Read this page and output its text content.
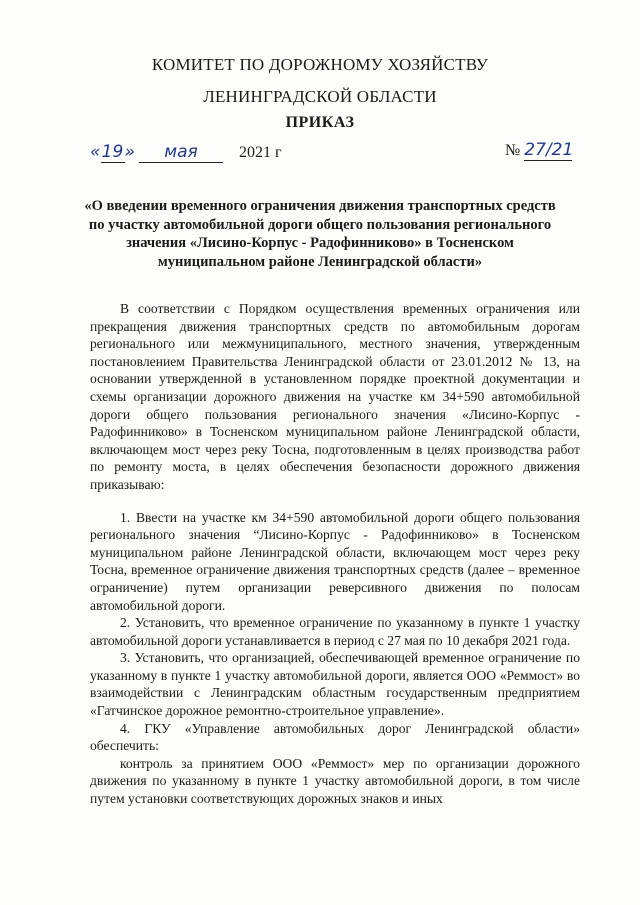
КОМИТЕТ ПО ДОРОЖНОМУ ХОЗЯЙСТВУ
ЛЕНИНГРАДСКОЙ ОБЛАСТИ
ПРИКАЗ
« 19 »	мая	2021 г	№ 27/21
«О введении временного ограничения движения транспортных средств по участку автомобильной дороги общего пользования регионального значения «Лисино-Корпус - Радофинниково» в Тосненском муниципальном районе Ленинградской области»

В соответствии с Порядком осуществления временных ограничения или прекращения движения транспортных средств по автомобильным дорогам регионального или межмуниципального, местного значения, утвержденным постановлением Правительства Ленинградской области от 23.01.2012 № 13, на основании утвержденной в установленном порядке проектной документации и схемы организации дорожного движения на участке км 34+590 автомобильной дороги общего пользования регионального значения «Лисино-Корпус - Радофинниково» в Тосненском муниципальном районе Ленинградской области, включающем мост через реку Тосна, подготовленным в целях производства работ по ремонту моста, в целях обеспечения безопасности дорожного движения приказываю:

1. Ввести на участке км 34+590 автомобильной дороги общего пользования регионального значения “Лисино-Корпус - Радофинниково» в Тосненском муниципальном районе Ленинградской области, включающем мост через реку Тосна, временное ограничение движения транспортных средств (далее – временное ограничение) путем организации реверсивного движения по полосам автомобильной дороги.

2. Установить, что временное ограничение по указанному в пункте 1 участку автомобильной дороги устанавливается в период с 27 мая по 10 декабря 2021 года.

3. Установить, что организацией, обеспечивающей временное ограничение по указанному в пункте 1 участку автомобильной дороги, является ООО «Реммост» во взаимодействии с Ленинградским областным государственным предприятием «Гатчинское дорожное ремонтно-строительное управление».

4. ГКУ «Управление автомобильных дорог Ленинградской области» обеспечить:

контроль за принятием ООО «Реммост» мер по организации дорожного движения по указанному в пункте 1 участку автомобильной дороги, в том числе путем установки соответствующих дорожных знаков и иных
